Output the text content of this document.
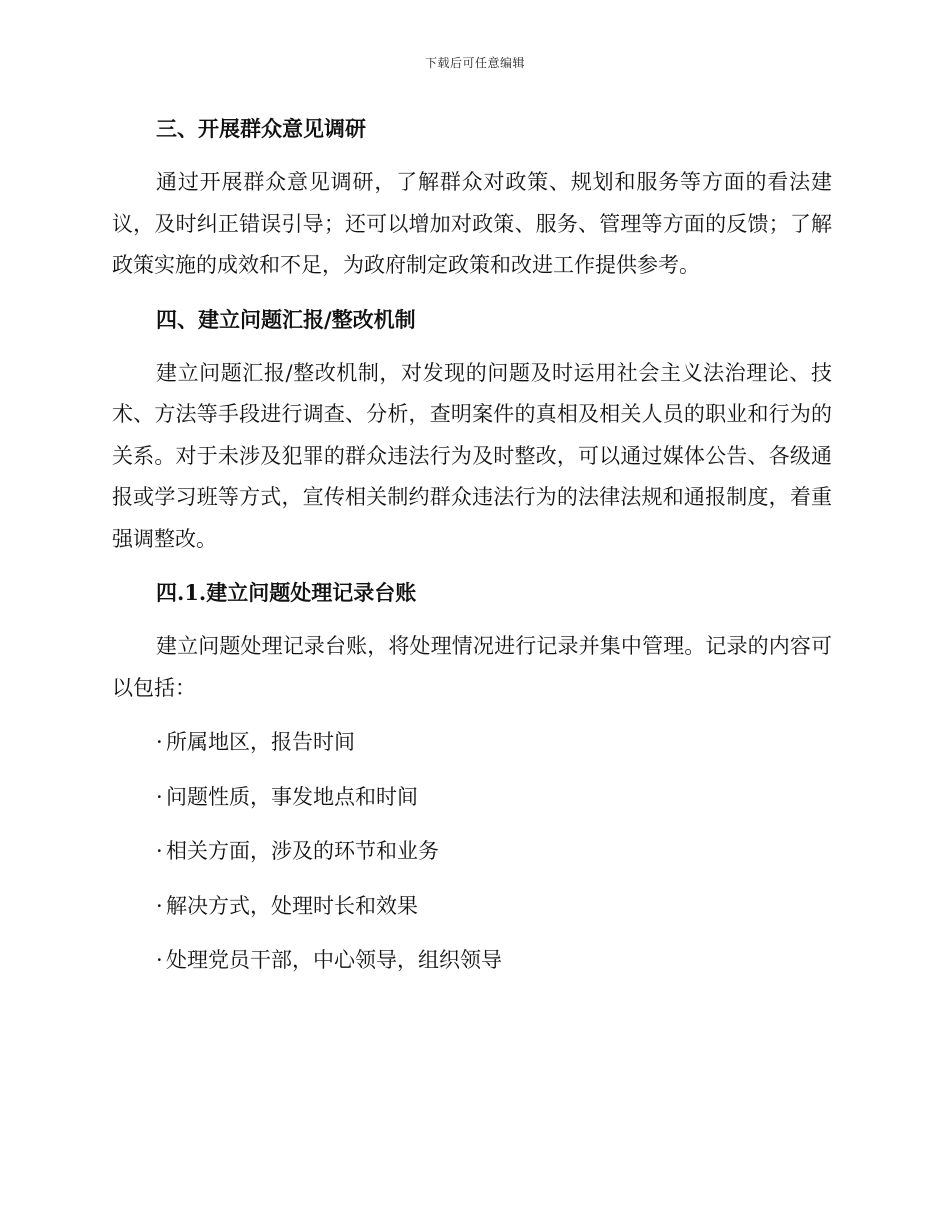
下载后可任意编辑
三、开展群众意见调研

通过开展群众意见调研，了解群众对政策、规划和服务等方面的看法建议，及时纠正错误引导；还可以增加对政策、服务、管理等方面的反馈；了解政策实施的成效和不足，为政府制定政策和改进工作提供参考。

四、建立问题汇报/整改机制

建立问题汇报/整改机制，对发现的问题及时运用社会主义法治理论、技术、方法等手段进行调查、分析，查明案件的真相及相关人员的职业和行为的关系。对于未涉及犯罪的群众违法行为及时整改，可以通过媒体公告、各级通报或学习班等方式，宣传相关制约群众违法行为的法律法规和通报制度，着重强调整改。

四.1.建立问题处理记录台账

建立问题处理记录台账，将处理情况进行记录并集中管理。记录的内容可以包括：

· 所属地区，报告时间
· 问题性质，事发地点和时间
· 相关方面，涉及的环节和业务
· 解决方式，处理时长和效果
· 处理党员干部，中心领导，组织领导
